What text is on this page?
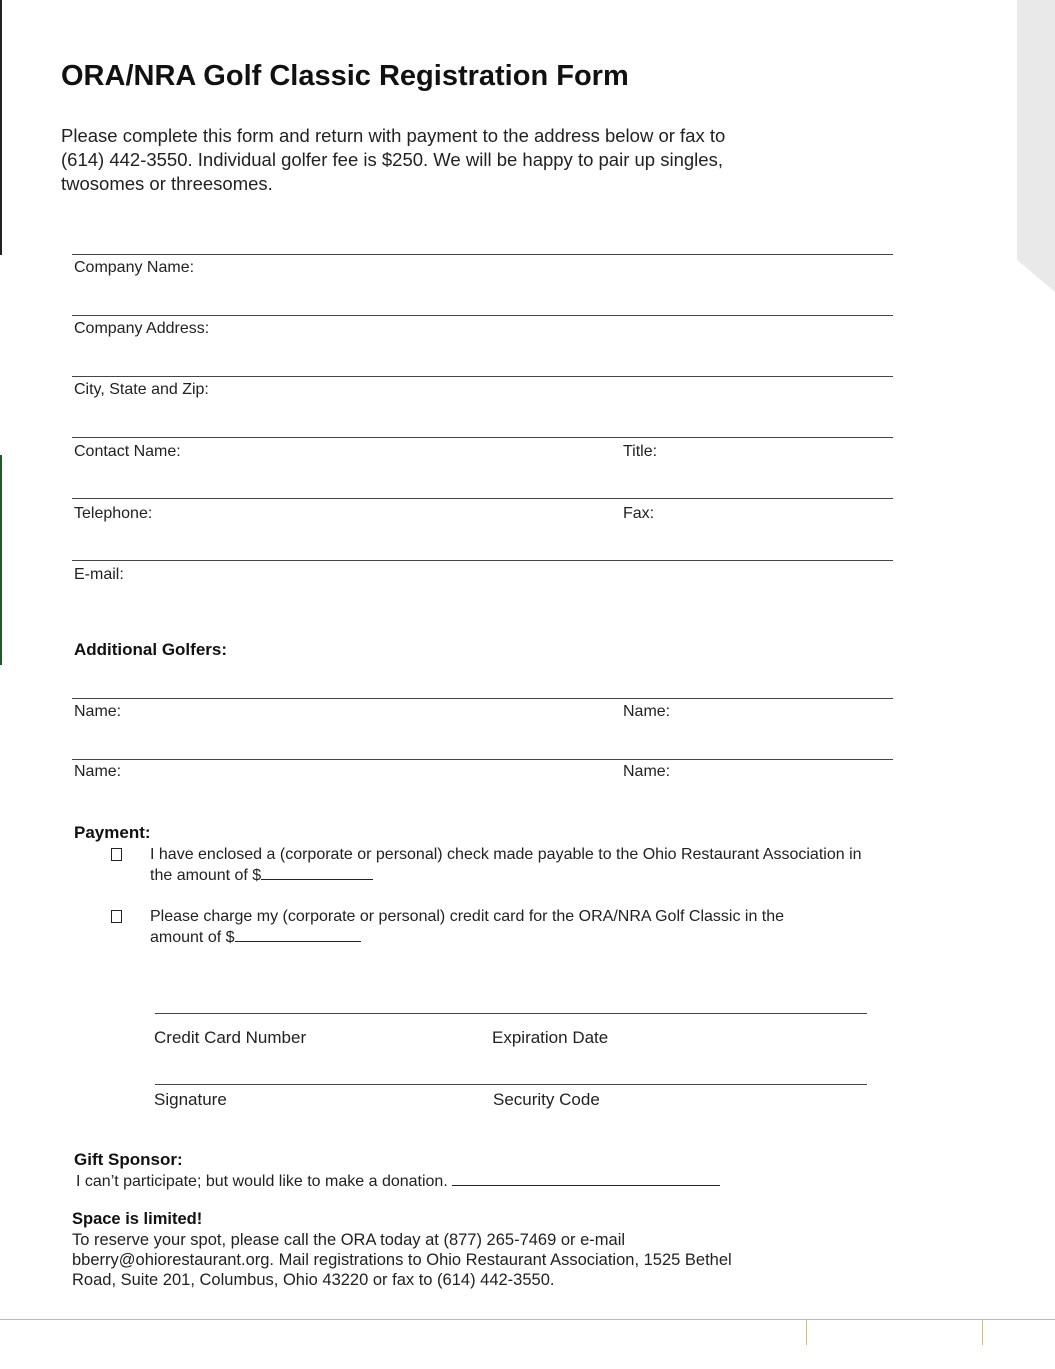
ORA/NRA Golf Classic Registration Form
Please complete this form and return with payment to the address below or fax to
(614) 442-3550. Individual golfer fee is $250. We will be happy to pair up singles,
twosomes or threesomes.
Company Name:
Company Address:
City, State and Zip:
Contact Name:	Title:
Telephone:	Fax:
E-mail:
Additional Golfers:
Name:	Name:
Name:	Name:
Payment:
I have enclosed a (corporate or personal) check made payable to the Ohio Restaurant Association in
the amount of $
Please charge my (corporate or personal) credit card for the ORA/NRA Golf Classic in the
amount of $
Credit Card Number	Expiration Date
Signature	Security Code
Gift Sponsor:
I can’t participate; but would like to make a donation.
Space is limited!
To reserve your spot, please call the ORA today at (877) 265-7469 or e-mail
bberry@ohiorestaurant.org. Mail registrations to Ohio Restaurant Association, 1525 Bethel
Road, Suite 201, Columbus, Ohio 43220 or fax to (614) 442-3550.
